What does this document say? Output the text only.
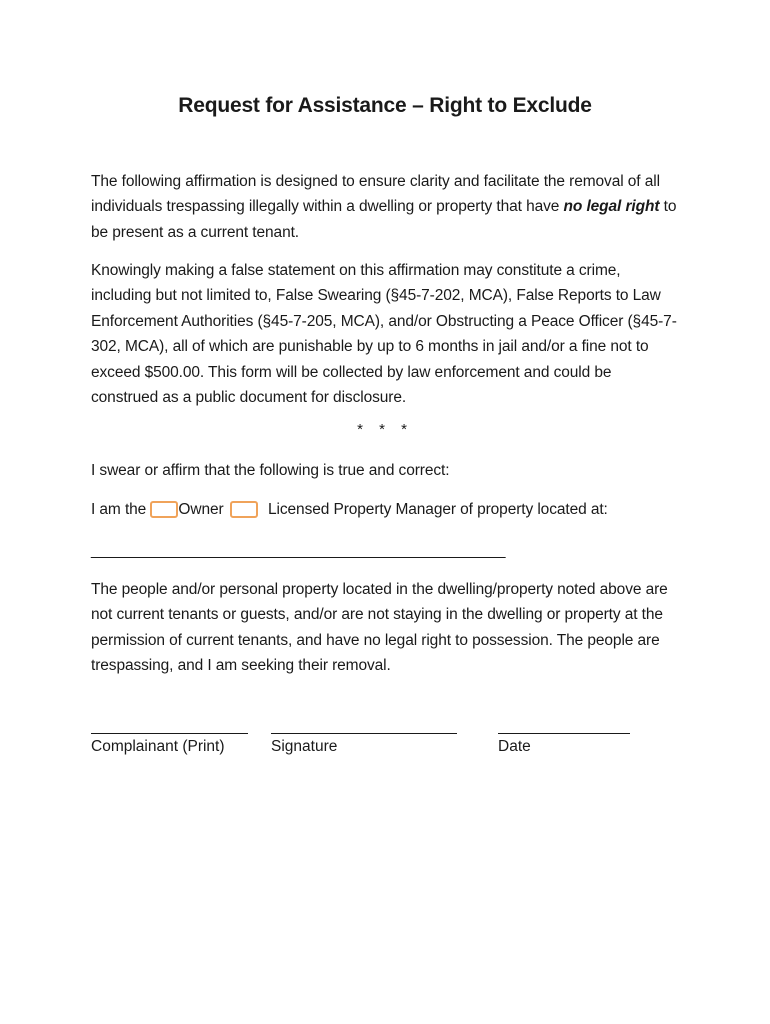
Request for Assistance – Right to Exclude
The following affirmation is designed to ensure clarity and facilitate the removal of all individuals trespassing illegally within a dwelling or property that have no legal right to be present as a current tenant.
Knowingly making a false statement on this affirmation may constitute a crime, including but not limited to, False Swearing (§45-7-202, MCA), False Reports to Law Enforcement Authorities (§45-7-205, MCA), and/or Obstructing a Peace Officer (§45-7-302, MCA), all of which are punishable by up to 6 months in jail and/or a fine not to exceed $500.00. This form will be collected by law enforcement and could be construed as a public document for disclosure.
* * *
I swear or affirm that the following is true and correct:
I am the Owner	Licensed Property Manager of property located at:
__________________________________________________________
The people and/or personal property located in the dwelling/property noted above are not current tenants or guests, and/or are not staying in the dwelling or property at the permission of current tenants, and have no legal right to possession. The people are trespassing, and I am seeking their removal.
Complainant (Print)	Signature	Date
